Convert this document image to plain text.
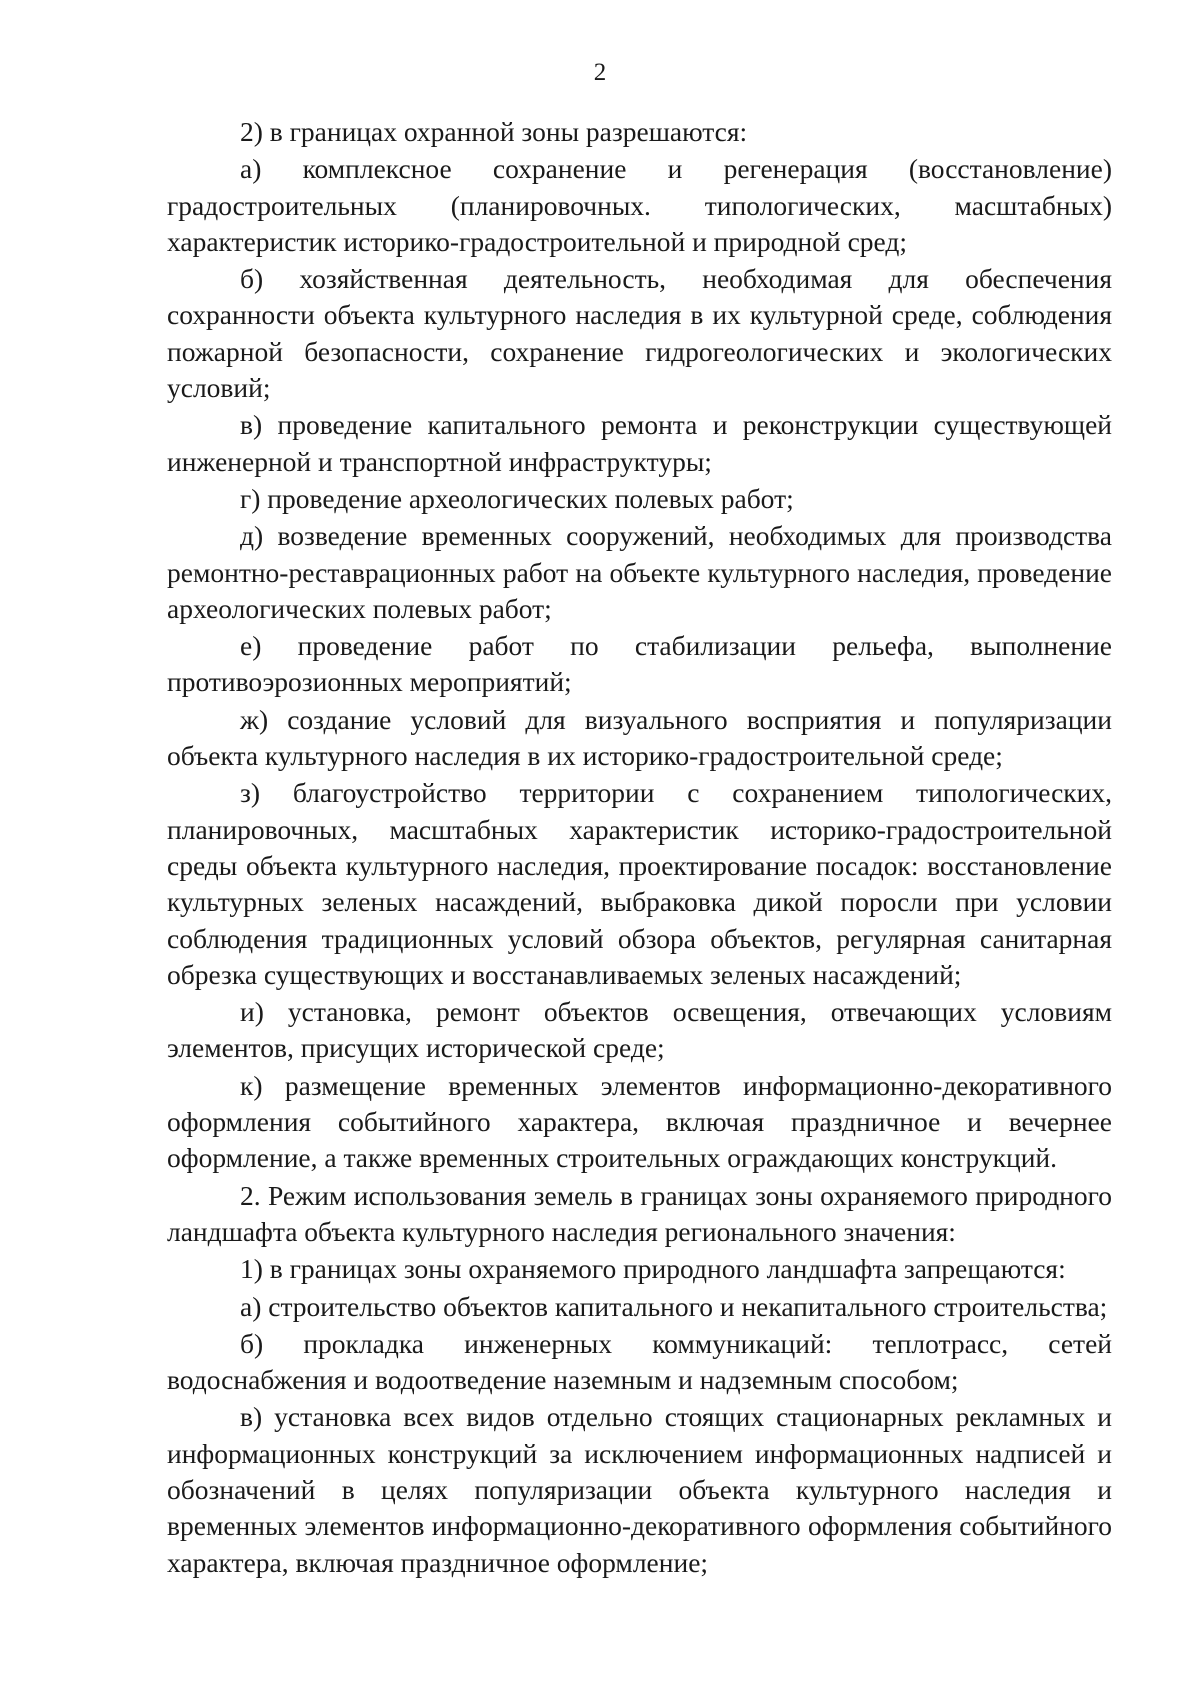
2

2) в границах охранной зоны разрешаются:

а) комплексное сохранение и регенерация (восстановление) градостроительных (планировочных. типологических, масштабных) характеристик историко-градостроительной и природной сред;

б) хозяйственная деятельность, необходимая для обеспечения сохранности объекта культурного наследия в их культурной среде, соблюдения пожарной безопасности, сохранение гидрогеологических и экологических условий;

в) проведение капитального ремонта и реконструкции существующей инженерной и транспортной инфраструктуры;

г) проведение археологических полевых работ;

д) возведение временных сооружений, необходимых для производства ремонтно-реставрационных работ на объекте культурного наследия, проведение археологических полевых работ;

е) проведение работ по стабилизации рельефа, выполнение противоэрозионных мероприятий;

ж) создание условий для визуального восприятия и популяризации объекта культурного наследия в их историко-градостроительной среде;

з) благоустройство территории с сохранением типологических, планировочных, масштабных характеристик историко-градостроительной среды объекта культурного наследия, проектирование посадок: восстановление культурных зеленых насаждений, выбраковка дикой поросли при условии соблюдения традиционных условий обзора объектов, регулярная санитарная обрезка существующих и восстанавливаемых зеленых насаждений;

и) установка, ремонт объектов освещения, отвечающих условиям элементов, присущих исторической среде;

к) размещение временных элементов информационно-декоративного оформления событийного характера, включая праздничное и вечернее оформление, а также временных строительных ограждающих конструкций.

2. Режим использования земель в границах зоны охраняемого природного ландшафта объекта культурного наследия регионального значения:

1) в границах зоны охраняемого природного ландшафта запрещаются:

а) строительство объектов капитального и некапитального строительства;

б) прокладка инженерных коммуникаций: теплотрасс, сетей водоснабжения и водоотведение наземным и надземным способом;

в) установка всех видов отдельно стоящих стационарных рекламных и информационных конструкций за исключением информационных надписей и обозначений в целях популяризации объекта культурного наследия и временных элементов информационно-декоративного оформления событийного характера, включая праздничное оформление;
